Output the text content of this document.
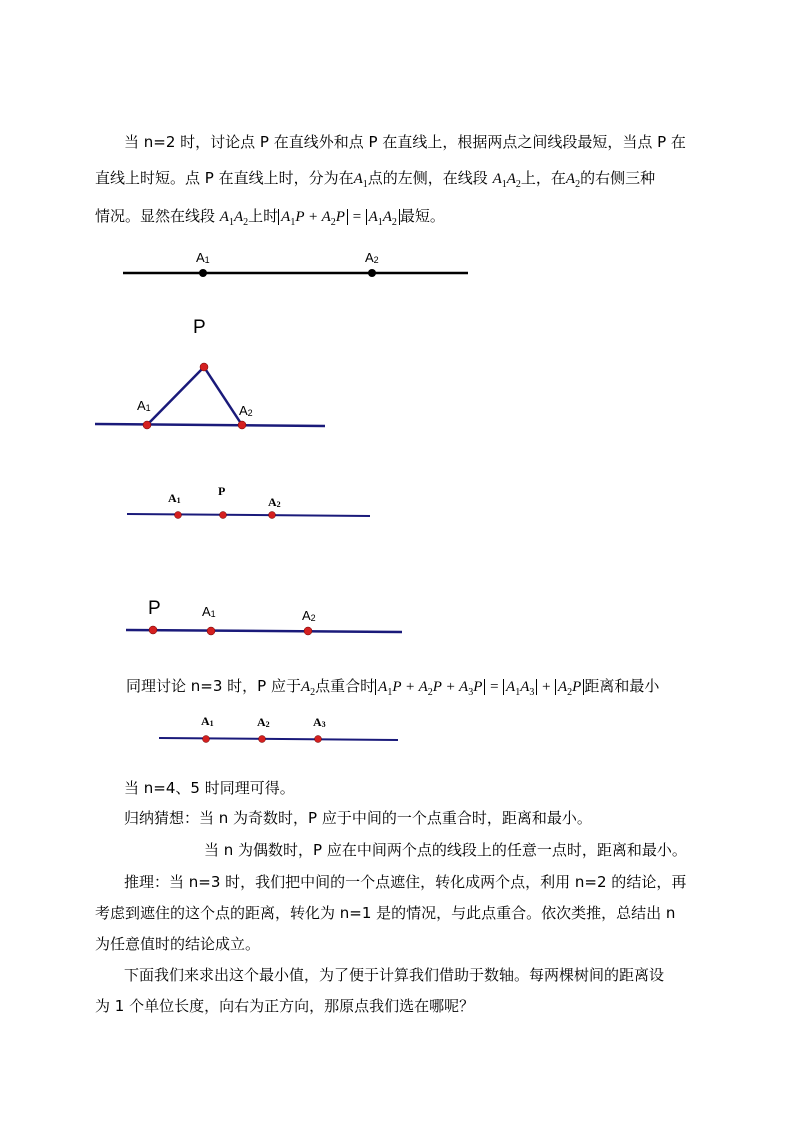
当 n=2 时，讨论点 P 在直线外和点 P 在直线上，根据两点之间线段最短，当点 P 在
直线上时短。点 P 在直线上时，分为在$A_1$点的左侧，在线段 $A_1A_2$上，在$A_2$的右侧三种
情况。显然在线段 $A_1A_2$上时 $A_1P + A_2P = A_1A_2$ 最短。
A1	A2
P
A1	A2
A1
P
A2
P	A1	A2
A1	A2	A3
同理讨论 n=3 时，P 应于$A_2$点重合时 $A_1P + A_2P + A_3P = A_1A_3 + A_2P$ 距离和最小
当 n=4、5 时同理可得。
归纳猜想：当 n 为奇数时，P 应于中间的一个点重合时，距离和最小。
当 n 为偶数时，P 应在中间两个点的线段上的任意一点时，距离和最小。
推理：当 n=3 时，我们把中间的一个点遮住，转化成两个点，利用 n=2 的结论，再
考虑到遮住的这个点的距离，转化为 n=1 是的情况，与此点重合。依次类推，总结出 n
为任意值时的结论成立。
下面我们来求出这个最小值，为了便于计算我们借助于数轴。每两棵树间的距离设
为 1 个单位长度，向右为正方向，那原点我们选在哪呢？
